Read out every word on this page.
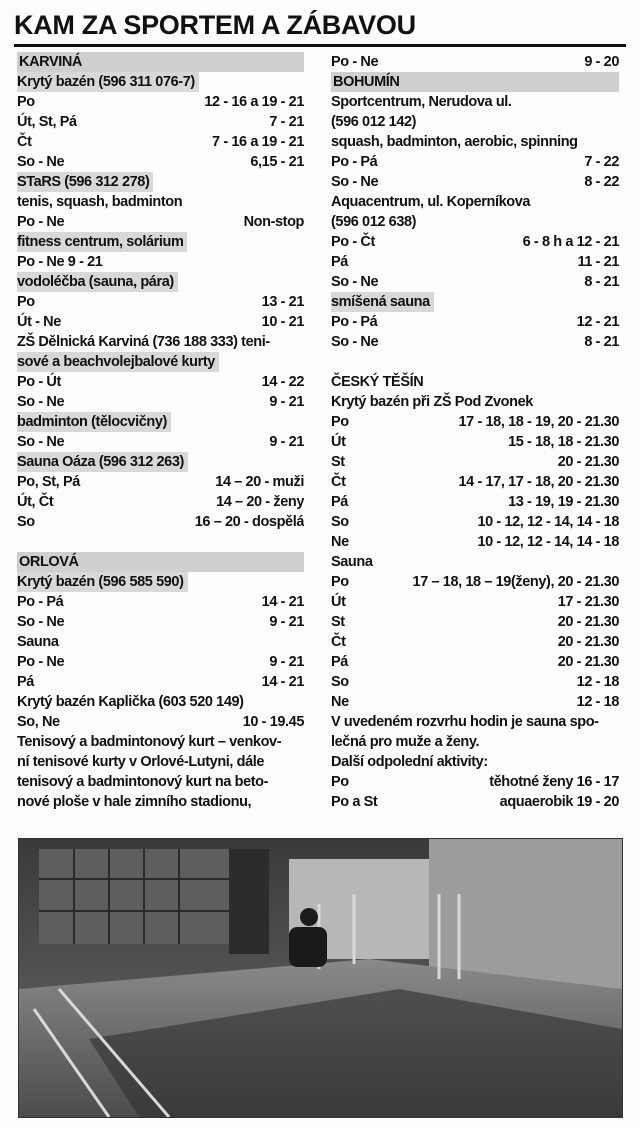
KAM ZA SPORTEM A ZÁBAVOU
KARVINÁ
Krytý bazén (596 311 076-7)
Po	12 - 16 a 19 - 21
Út, St, Pá	7 - 21
Čt	7 - 16 a 19 - 21
So - Ne	6,15 - 21
STaRS (596 312 278)
tenis, squash, badminton
Po - Ne	Non-stop
fitness centrum, solárium
Po - Ne 9 - 21
vodoléčba (sauna, pára)
Po	13 - 21
Út - Ne	10 - 21
ZŠ Dělnická Karviná (736 188 333) teni-
sové a beachvolejbalové kurty
Po - Út	14 - 22
So - Ne	9 - 21
badminton (tělocvičny)
So - Ne	9 - 21
Sauna Oáza (596 312 263)
Po, St, Pá	14 – 20 - muži
Út, Čt	14 – 20 - ženy
So	16 – 20 - dospělá
ORLOVÁ
Krytý bazén (596 585 590)
Po - Pá	14 - 21
So - Ne	9 - 21
Sauna
Po - Ne	9 - 21
Pá	14 - 21
Krytý bazén Kaplička (603 520 149)
So, Ne	10 - 19.45
Tenisový a badmintonový kurt – venkov-
ní tenisové kurty v Orlové-Lutyni, dále
tenisový a badmintonový kurt na beto-
nové ploše v hale zimního stadionu,
Po - Ne	9 - 20
BOHUMÍN
Sportcentrum, Nerudova ul.
(596 012 142)
squash, badminton, aerobic, spinning
Po - Pá	7 - 22
So - Ne	8 - 22
Aquacentrum, ul. Koperníkova
(596 012 638)
Po - Čt	6 - 8 h a 12 - 21
Pá	11 - 21
So - Ne	8 - 21
smíšená sauna
Po - Pá	12 - 21
So - Ne	8 - 21
ČESKÝ TĚŠÍN
Krytý bazén při ZŠ Pod Zvonek
Po	17 - 18, 18 - 19, 20 - 21.30
Út	15 - 18, 18 - 21.30
St	20 - 21.30
Čt	14 - 17, 17 - 18, 20 - 21.30
Pá	13 - 19, 19 - 21.30
So	10 - 12, 12 - 14, 14 - 18
Ne	10 - 12, 12 - 14, 14 - 18
Sauna
Po	17 – 18, 18 – 19(ženy), 20 - 21.30
Út	17 - 21.30
St	20 - 21.30
Čt	20 - 21.30
Pá	20 - 21.30
So	12 - 18
Ne	12 - 18
V uvedeném rozvrhu hodin je sauna spo-
lečná pro muže a ženy.
Další odpolední aktivity:
Po	těhotné ženy 16 - 17
Po a St	aquaerobik 19 - 20
